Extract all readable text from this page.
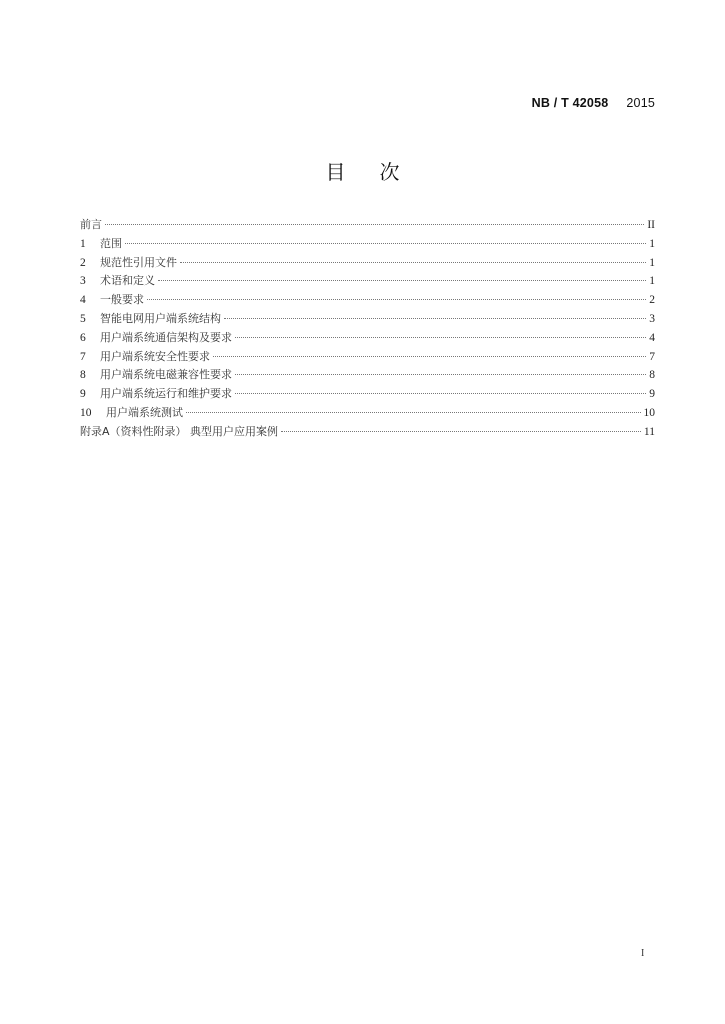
NB / T 42058 2015
目次
前言	II
1	范围	1
2	规范性引用文件	1
3	术语和定义	1
4	一般要求	2
5	智能电网用户端系统结构	3
6	用户端系统通信架构及要求	4
7	用户端系统安全性要求	7
8	用户端系统电磁兼容性要求	8
9	用户端系统运行和维护要求	9
10	用户端系统测试	10
附录A（资料性附录） 典型用户应用案例	11
I
